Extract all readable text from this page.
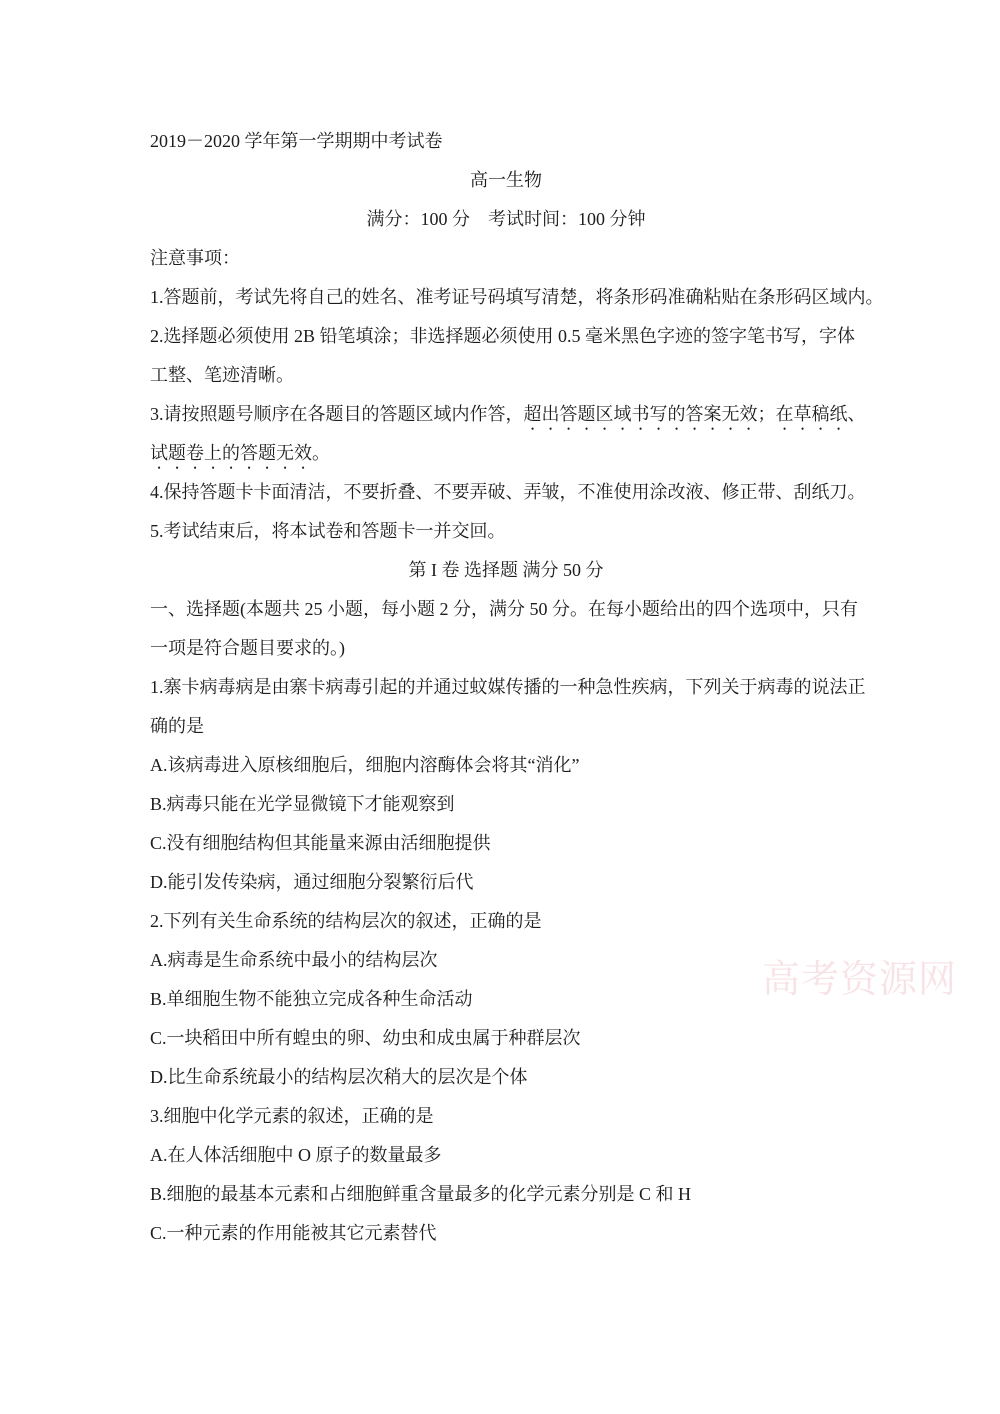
高考资源网
2019－2020 学年第一学期期中考试卷
高一生物
满分：100 分　考试时间：100 分钟
注意事项：
1.答题前，考试先将自己的姓名、准考证号码填写清楚，将条形码准确粘贴在条形码区域内。
2.选择题必须使用 2B 铅笔填涂；非选择题必须使用 0.5 毫米黑色字迹的签字笔书写，字体
工整、笔迹清晰。
3.请按照题号顺序在各题目的答题区域内作答，超出答题区域书写的答案无效；在草稿纸、
试题卷上的答题无效。
4.保持答题卡卡面清洁，不要折叠、不要弄破、弄皱，不准使用涂改液、修正带、刮纸刀。
5.考试结束后，将本试卷和答题卡一并交回。
第 I 卷 选择题 满分 50 分
一、选择题(本题共 25 小题，每小题 2 分，满分 50 分。在每小题给出的四个选项中，只有
一项是符合题目要求的。)
1.寨卡病毒病是由寨卡病毒引起的并通过蚊媒传播的一种急性疾病，下列关于病毒的说法正
确的是
A.该病毒进入原核细胞后，细胞内溶酶体会将其“消化”
B.病毒只能在光学显微镜下才能观察到
C.没有细胞结构但其能量来源由活细胞提供
D.能引发传染病，通过细胞分裂繁衍后代
2.下列有关生命系统的结构层次的叙述，正确的是
A.病毒是生命系统中最小的结构层次
B.单细胞生物不能独立完成各种生命活动
C.一块稻田中所有蝗虫的卵、幼虫和成虫属于种群层次
D.比生命系统最小的结构层次稍大的层次是个体
3.细胞中化学元素的叙述，正确的是
A.在人体活细胞中 O 原子的数量最多
B.细胞的最基本元素和占细胞鲜重含量最多的化学元素分别是 C 和 H
C.一种元素的作用能被其它元素替代
